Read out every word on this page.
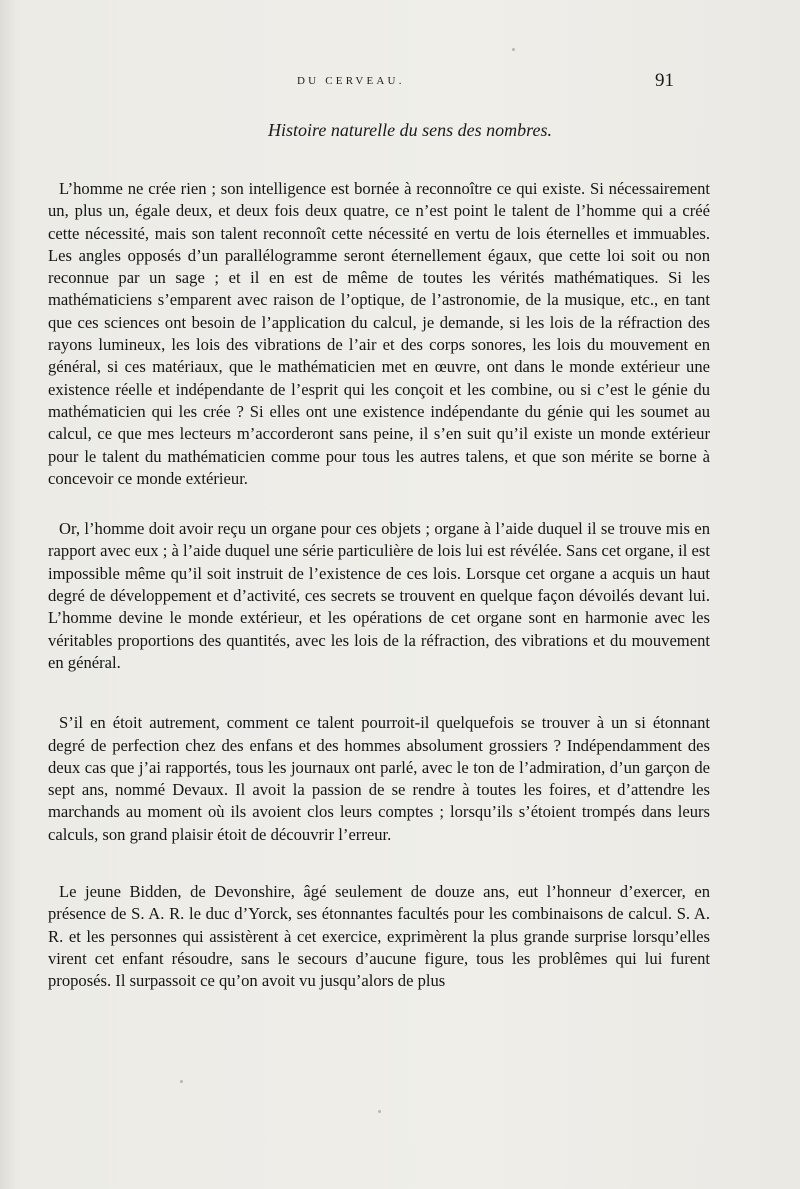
DU CERVEAU.	91
Histoire naturelle du sens des nombres.

L’homme ne crée rien ; son intelligence est bornée à reconnoître ce qui existe. Si nécessairement un, plus un, égale deux, et deux fois deux quatre, ce n’est point le talent de l’homme qui a créé cette nécessité, mais son talent reconnoît cette nécessité en vertu de lois éternelles et immuables. Les angles opposés d’un parallélogramme seront éternellement égaux, que cette loi soit ou non reconnue par un sage ; et il en est de même de toutes les vérités mathématiques. Si les mathématiciens s’emparent avec raison de l’optique, de l’astronomie, de la musique, etc., en tant que ces sciences ont besoin de l’application du calcul, je demande, si les lois de la réfraction des rayons lumineux, les lois des vibrations de l’air et des corps sonores, les lois du mouvement en général, si ces matériaux, que le mathématicien met en œuvre, ont dans le monde extérieur une existence réelle et indépendante de l’esprit qui les conçoit et les combine, ou si c’est le génie du mathématicien qui les crée ? Si elles ont une existence indépendante du génie qui les soumet au calcul, ce que mes lecteurs m’accorderont sans peine, il s’en suit qu’il existe un monde extérieur pour le talent du mathématicien comme pour tous les autres talens, et que son mérite se borne à concevoir ce monde extérieur.

Or, l’homme doit avoir reçu un organe pour ces objets ; organe à l’aide duquel il se trouve mis en rapport avec eux ; à l’aide duquel une série particulière de lois lui est révélée. Sans cet organe, il est impossible même qu’il soit instruit de l’existence de ces lois. Lorsque cet organe a acquis un haut degré de développement et d’activité, ces secrets se trouvent en quelque façon dévoilés devant lui. L’homme devine le monde extérieur, et les opérations de cet organe sont en harmonie avec les véritables proportions des quantités, avec les lois de la réfraction, des vibrations et du mouvement en général.

S’il en étoit autrement, comment ce talent pourroit-il quelquefois se trouver à un si étonnant degré de perfection chez des enfans et des hommes absolument grossiers ? Indépendamment des deux cas que j’ai rapportés, tous les journaux ont parlé, avec le ton de l’admiration, d’un garçon de sept ans, nommé Devaux. Il avoit la passion de se rendre à toutes les foires, et d’attendre les marchands au moment où ils avoient clos leurs comptes ; lorsqu’ils s’étoient trompés dans leurs calculs, son grand plaisir étoit de découvrir l’erreur.

Le jeune Bidden, de Devonshire, âgé seulement de douze ans, eut l’honneur d’exercer, en présence de S. A. R. le duc d’Yorck, ses étonnantes facultés pour les combinaisons de calcul. S. A. R. et les personnes qui assistèrent à cet exercice, exprimèrent la plus grande surprise lorsqu’elles virent cet enfant résoudre, sans le secours d’aucune figure, tous les problêmes qui lui furent proposés. Il surpassoit ce qu’on avoit vu jusqu’alors de plus
